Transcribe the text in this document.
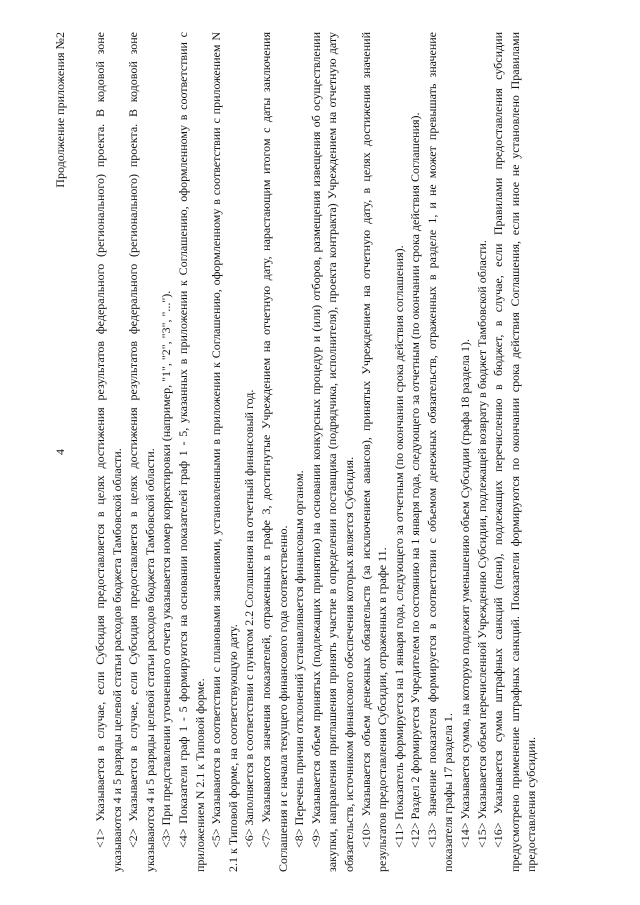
4
Продолжение приложения №2 <1> Указывается в случае, если Субсидия предоставляется в целях достижения результатов федерального (регионального) проекта. В кодовой зоне указываются 4 и 5 разряды целевой статьи расходов бюджета Тамбовской области. <2> Указывается в случае, если Субсидия предоставляется в целях достижения результатов федерального (регионального) проекта. В кодовой зоне указываются 4 и 5 разряды целевой статьи расходов бюджета Тамбовской области. <3> При представлении уточненного отчета указывается номер корректировки (например, "1", "2", "3", "..."). <4> Показатели граф 1 - 5 формируются на основании показателей граф 1 - 5, указанных в приложении к Соглашению, оформленному в соответствии с приложением N 2.1 к Типовой форме. <5> Указываются в соответствии с плановыми значениями, установленными в приложении к Соглашению, оформленному в соответствии с приложением N 2.1 к Типовой форме, на соответствующую дату. <6> Заполняется в соответствии с пунктом 2.2 Соглашения на отчетный финансовый год. <7> Указываются значения показателей, отраженных в графе 3, достигнутые Учреждением на отчетную дату, нарастающим итогом с даты заключения Соглашения и с начала текущего финансового года соответственно. <8> Перечень причин отклонений устанавливается финансовым органом. <9> Указывается объем принятых (подлежащих принятию) на основании конкурсных процедур и (или) отборов, размещения извещения об осуществлении закупки, направления приглашения принять участие в определении поставщика (подрядчика, исполнителя), проекта контракта) Учреждением на отчетную дату обязательств, источником финансового обеспечения которых является Субсидия. <10> Указывается объем денежных обязательств (за исключением авансов), принятых Учреждением на отчетную дату, в целях достижения значений результатов предоставления Субсидии, отраженных в графе 11. <11> Показатель формируется на 1 января года, следующего за отчетным (по окончании срока действия соглашения). <12> Раздел 2 формируется Учредителем по состоянию на 1 января года, следующего за отчетным (по окончании срока действия Соглашения). <13> Значение показателя формируется в соответствии с объемом денежных обязательств, отраженных в разделе 1, и не может превышать значение показателя графы 17 раздела 1. <14> Указывается сумма, на которую подлежит уменьшению объем Субсидии (графа 18 раздела 1). <15> Указывается объем перечисленной Учреждению Субсидии, подлежащей возврату в бюджет Тамбовской области. <16> Указывается сумма штрафных санкций (пени), подлежащих перечислению в бюджет, в случае, если Правилами предоставления субсидии предусмотрено применение штрафных санкций. Показатели формируются по окончании срока действия Соглашения, если иное не установлено Правилами предоставления субсидии.
